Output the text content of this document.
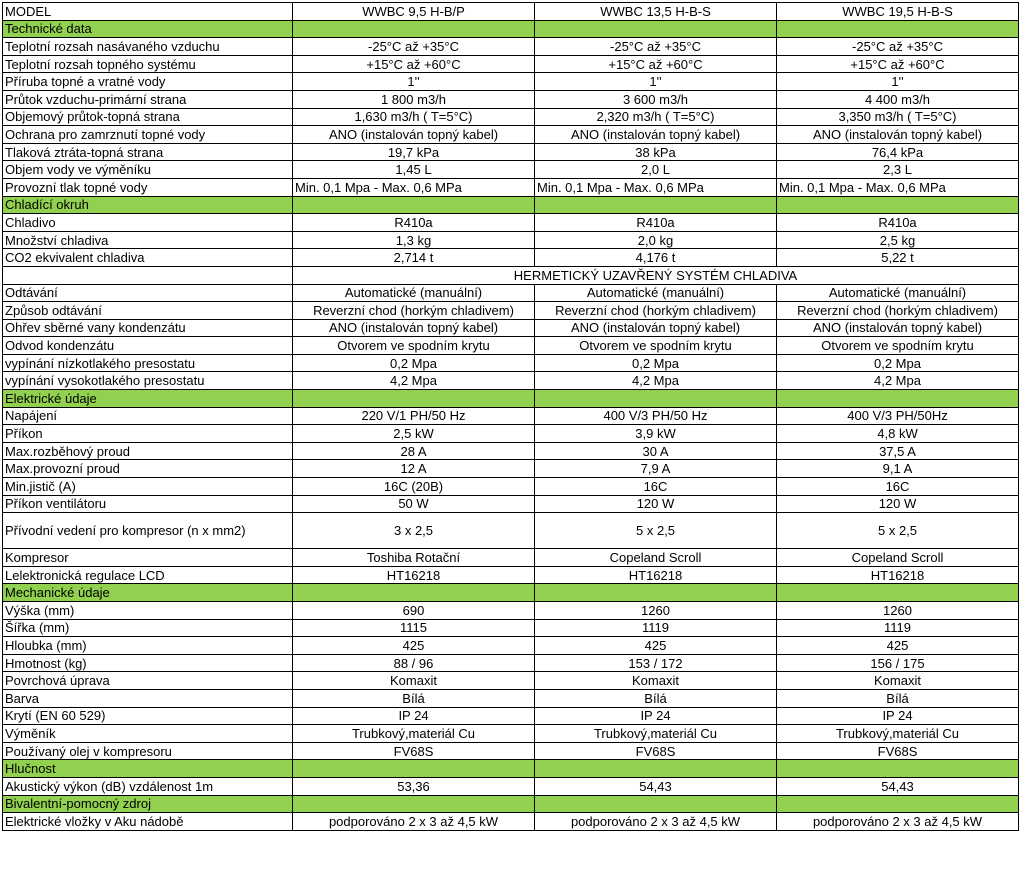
MODEL	WWBC 9,5 H-B/P	WWBC 13,5 H-B-S	WWBC 19,5 H-B-S
Technické data			
Teplotní rozsah nasávaného vzduchu	-25°C až +35°C	-25°C až +35°C	-25°C až +35°C
Teplotní rozsah topného systému	+15°C až +60°C	+15°C až +60°C	+15°C až +60°C
Příruba topné a vratné vody	1''	1''	1''
Průtok vzduchu-primární strana	1 800 m3/h	3 600 m3/h	4 400 m3/h
Objemový průtok-topná strana	1,630 m3/h ( T=5°C)	2,320 m3/h ( T=5°C)	3,350 m3/h ( T=5°C)
Ochrana pro zamrznutí topné vody	ANO (instalován topný kabel)	ANO (instalován topný kabel)	ANO (instalován topný kabel)
Tlaková ztráta-topná strana	19,7 kPa	38 kPa	76,4 kPa
Objem vody ve výměníku	1,45 L	2,0 L	2,3 L
Provozní tlak topné vody	Min. 0,1 Mpa - Max. 0,6 MPa	Min. 0,1 Mpa - Max. 0,6 MPa	Min. 0,1 Mpa - Max. 0,6 MPa
Chladící okruh			
Chladivo	R410a	R410a	R410a
Množství chladiva	1,3 kg	2,0 kg	2,5 kg
CO2 ekvivalent chladiva	2,714 t	4,176 t	5,22 t
	HERMETICKÝ UZAVŘENÝ SYSTÉM CHLADIVA		
Odtávání	Automatické (manuální)	Automatické (manuální)	Automatické (manuální)
Způsob odtávání	Reverzní chod (horkým chladivem)	Reverzní chod (horkým chladivem)	Reverzní chod (horkým chladivem)
Ohřev sběrné vany kondenzátu	ANO (instalován topný kabel)	ANO (instalován topný kabel)	ANO (instalován topný kabel)
Odvod kondenzátu	Otvorem ve spodním krytu	Otvorem ve spodním krytu	Otvorem ve spodním krytu
vypínání nízkotlakého presostatu	0,2 Mpa	0,2 Mpa	0,2 Mpa
vypínání vysokotlakého presostatu	4,2 Mpa	4,2 Mpa	4,2 Mpa
Elektrické údaje			
Napájení	220 V/1 PH/50 Hz	400 V/3 PH/50 Hz	400 V/3 PH/50Hz
Příkon	2,5 kW	3,9 kW	4,8 kW
Max.rozběhový proud	28 A	30 A	37,5 A
Max.provozní proud	12 A	7,9 A	9,1 A
Min.jistič (A)	16C (20B)	16C	16C
Příkon ventilátoru	50 W	120 W	120 W
Přívodní vedení pro kompresor (n x mm2)	3 x 2,5	5 x 2,5	5 x 2,5
Kompresor	Toshiba Rotační	Copeland Scroll	Copeland Scroll
Lelektronická regulace LCD	HT16218	HT16218	HT16218
Mechanické údaje			
Výška (mm)	690	1260	1260
Šířka (mm)	1115	1119	1119
Hloubka (mm)	425	425	425
Hmotnost (kg)	88 / 96	153 / 172	156 / 175
Povrchová úprava	Komaxit	Komaxit	Komaxit
Barva	Bílá	Bílá	Bílá
Krytí (EN 60 529)	IP 24	IP 24	IP 24
Výměník	Trubkový,materiál Cu	Trubkový,materiál Cu	Trubkový,materiál Cu
Používaný olej v kompresoru	FV68S	FV68S	FV68S
Hlučnost			
Akustický výkon (dB) vzdálenost 1m	53,36	54,43	54,43
Bivalentní-pomocný zdroj			
Elektrické vložky v Aku nádobě	podporováno 2 x 3 až 4,5 kW	podporováno 2 x 3 až 4,5 kW	podporováno 2 x 3 až 4,5 kW
